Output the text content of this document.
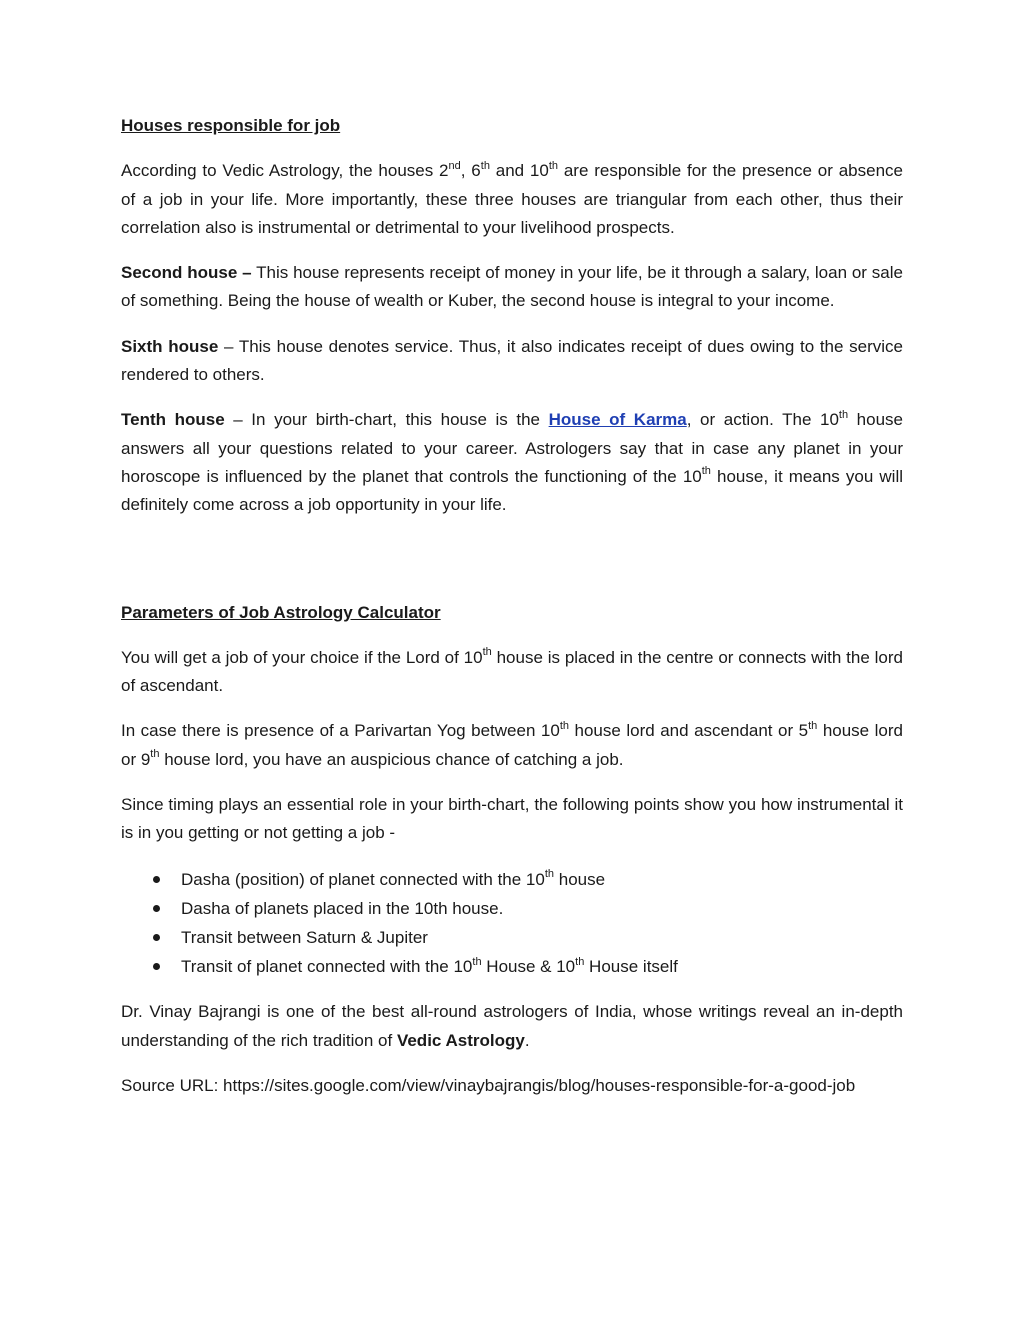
Houses responsible for job

According to Vedic Astrology, the houses 2nd, 6th and 10th are responsible for the presence or absence of a job in your life. More importantly, these three houses are triangular from each other, thus their correlation also is instrumental or detrimental to your livelihood prospects.

Second house – This house represents receipt of money in your life, be it through a salary, loan or sale of something. Being the house of wealth or Kuber, the second house is integral to your income.

Sixth house – This house denotes service. Thus, it also indicates receipt of dues owing to the service rendered to others.

Tenth house – In your birth-chart, this house is the House of Karma, or action. The 10th house answers all your questions related to your career. Astrologers say that in case any planet in your horoscope is influenced by the planet that controls the functioning of the 10th house, it means you will definitely come across a job opportunity in your life.

Parameters of Job Astrology Calculator

You will get a job of your choice if the Lord of 10th house is placed in the centre or connects with the lord of ascendant.

In case there is presence of a Parivartan Yog between 10th house lord and ascendant or 5th house lord or 9th house lord, you have an auspicious chance of catching a job.

Since timing plays an essential role in your birth-chart, the following points show you how instrumental it is in you getting or not getting a job -

Dasha (position) of planet connected with the 10th house
Dasha of planets placed in the 10th house.
Transit between Saturn & Jupiter
Transit of planet connected with the 10th House & 10th House itself

Dr. Vinay Bajrangi is one of the best all-round astrologers of India, whose writings reveal an in-depth understanding of the rich tradition of Vedic Astrology.

Source URL: https://sites.google.com/view/vinaybajrangis/blog/houses-responsible-for-a-good-job
